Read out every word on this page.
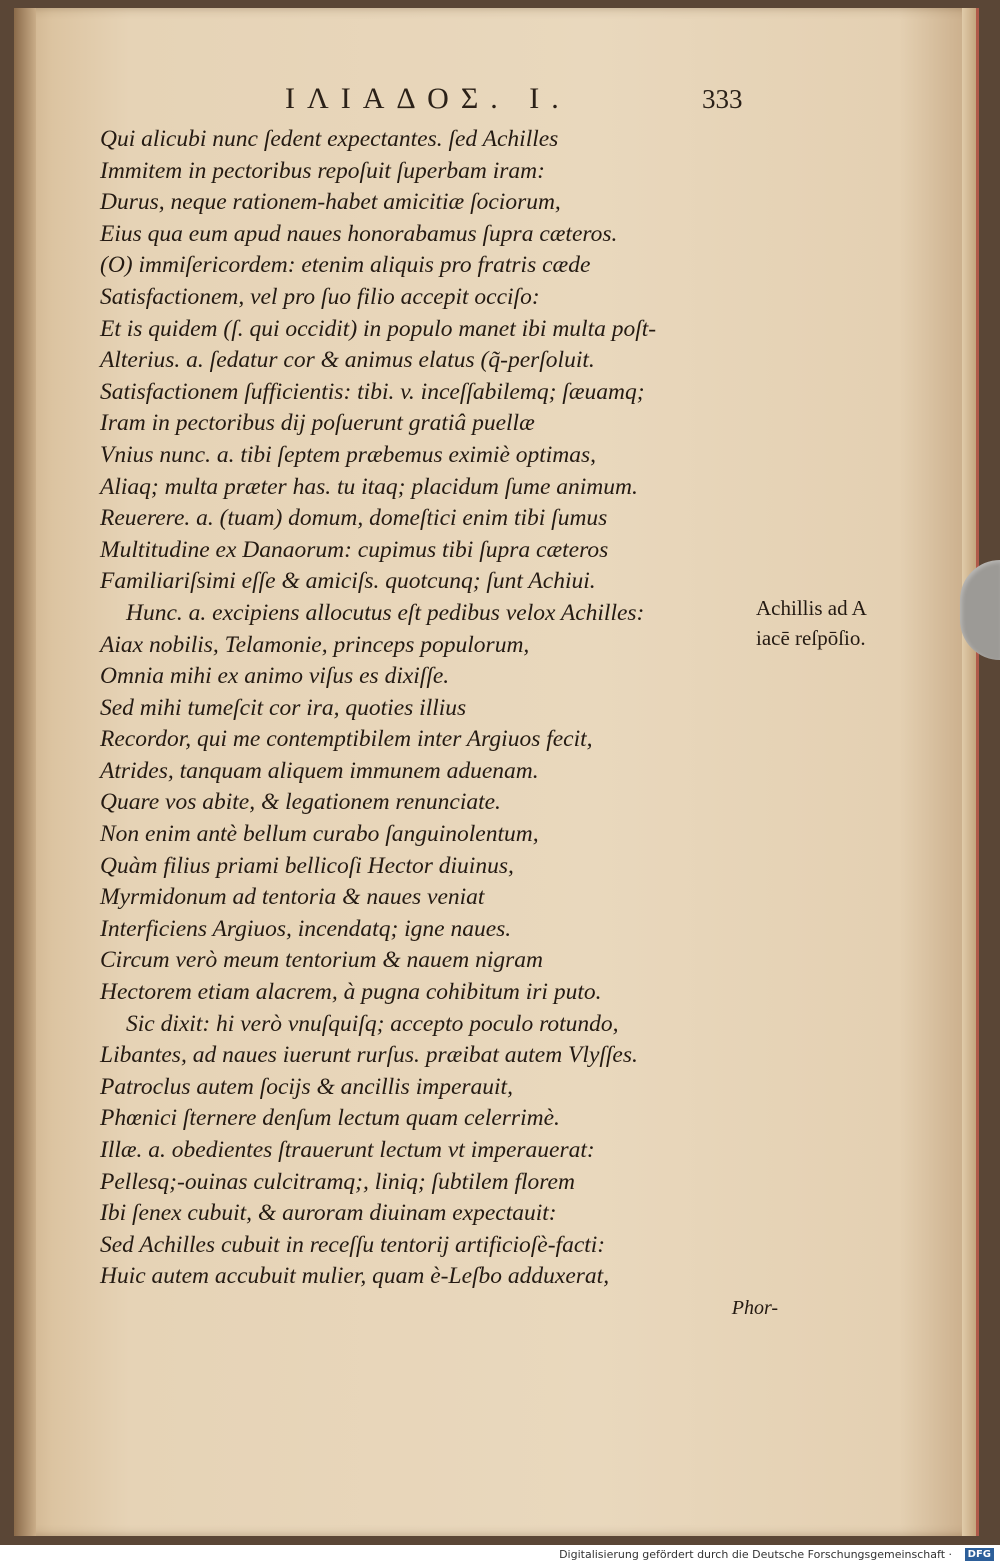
ΙΛΙΑΔΟΣ. Ι.	333
Qui alicubi nunc ſedent expectantes. ſed Achilles
Immitem in pectoribus repoſuit ſuperbam iram:
Durus, neque rationem-habet amicitiæ ſociorum,
Eius qua eum apud naues honorabamus ſupra cæteros.
(O) immiſericordem: etenim aliquis pro fratris cæde
Satisfactionem, vel pro ſuo filio accepit occiſo:
Et is quidem (ſ. qui occidit) in populo manet ibi multa poſt-
Alterius. a. ſedatur cor & animus elatus (q̃-perſoluit.
Satisfactionem ſufficientis: tibi. v. inceſſabilemq; ſæuamq;
Iram in pectoribus dij poſuerunt gratiâ puellæ
Vnius nunc. a. tibi ſeptem præbemus eximiè optimas,
Aliaq; multa præter has. tu itaq; placidum ſume animum.
Reuerere. a. (tuam) domum, domeſtici enim tibi ſumus
Multitudine ex Danaorum: cupimus tibi ſupra cæteros
Familiariſsimi eſſe & amiciſs. quotcunq; ſunt Achiui.
Hunc. a. excipiens allocutus eſt pedibus velox Achilles:
Aiax nobilis, Telamonie, princeps populorum,
Omnia mihi ex animo viſus es dixiſſe.
Sed mihi tumeſcit cor ira, quoties illius
Recordor, qui me contemptibilem inter Argiuos fecit,
Atrides, tanquam aliquem immunem aduenam.
Quare vos abite, & legationem renunciate.
Non enim antè bellum curabo ſanguinolentum,
Quàm filius priami bellicoſi Hector diuinus,
Myrmidonum ad tentoria & naues veniat
Interficiens Argiuos, incendatq; igne naues.
Circum verò meum tentorium & nauem nigram
Hectorem etiam alacrem, à pugna cohibitum iri puto.
Sic dixit: hi verò vnuſquiſq; accepto poculo rotundo,
Libantes, ad naues iuerunt rurſus. præibat autem Vlyſſes.
Patroclus autem ſocijs & ancillis imperauit,
Phœnici ſternere denſum lectum quam celerrimè.
Illæ. a. obedientes ſtrauerunt lectum vt imperauerat:
Pellesq;-ouinas culcitramq;, liniq; ſubtilem florem
Ibi ſenex cubuit, & auroram diuinam expectauit:
Sed Achilles cubuit in receſſu tentorij artificioſè-facti:
Huic autem accubuit mulier, quam è-Leſbo adduxerat,
Phor-
Achillis ad A
iacē reſpōſio.
Digitalisierung gefördert durch die Deutsche Forschungsgemeinschaft ·	DFG
